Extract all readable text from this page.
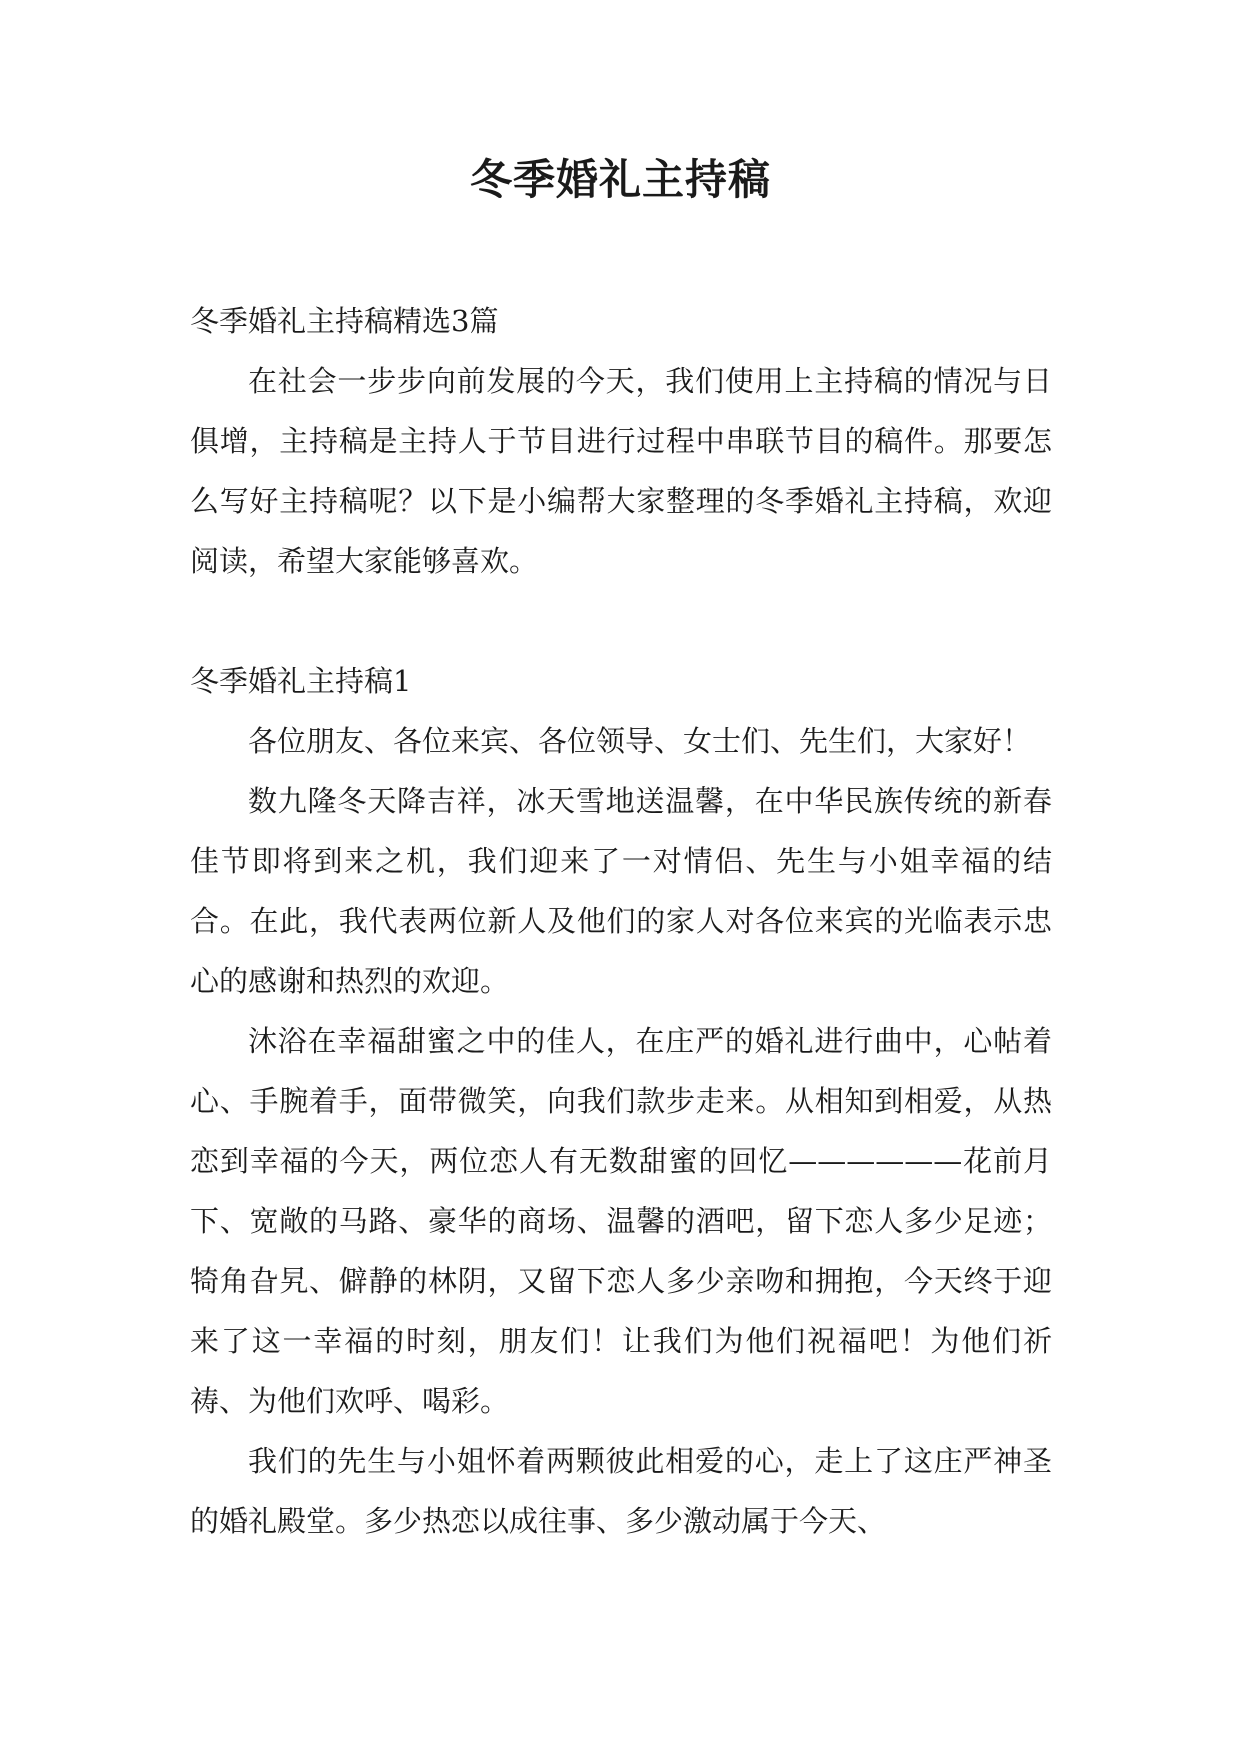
冬季婚礼主持稿

冬季婚礼主持稿精选3篇

在社会一步步向前发展的今天，我们使用上主持稿的情况与日俱增，主持稿是主持人于节目进行过程中串联节目的稿件。那要怎么写好主持稿呢？以下是小编帮大家整理的冬季婚礼主持稿，欢迎阅读，希望大家能够喜欢。

冬季婚礼主持稿1

各位朋友、各位来宾、各位领导、女士们、先生们，大家好！

数九隆冬天降吉祥，冰天雪地送温馨，在中华民族传统的新春佳节即将到来之机，我们迎来了一对情侣、先生与小姐幸福的结合。在此，我代表两位新人及他们的家人对各位来宾的光临表示忠心的感谢和热烈的欢迎。

沐浴在幸福甜蜜之中的佳人，在庄严的婚礼进行曲中，心帖着心、手腕着手，面带微笑，向我们款步走来。从相知到相爱，从热恋到幸福的今天，两位恋人有无数甜蜜的回忆——————花前月下、宽敞的马路、豪华的商场、温馨的酒吧，留下恋人多少足迹；犄角旮旯、僻静的林阴，又留下恋人多少亲吻和拥抱，今天终于迎来了这一幸福的时刻，朋友们！让我们为他们祝福吧！为他们祈祷、为他们欢呼、喝彩。

我们的先生与小姐怀着两颗彼此相爱的心，走上了这庄严神圣的婚礼殿堂。多少热恋以成往事、多少激动属于今天、
